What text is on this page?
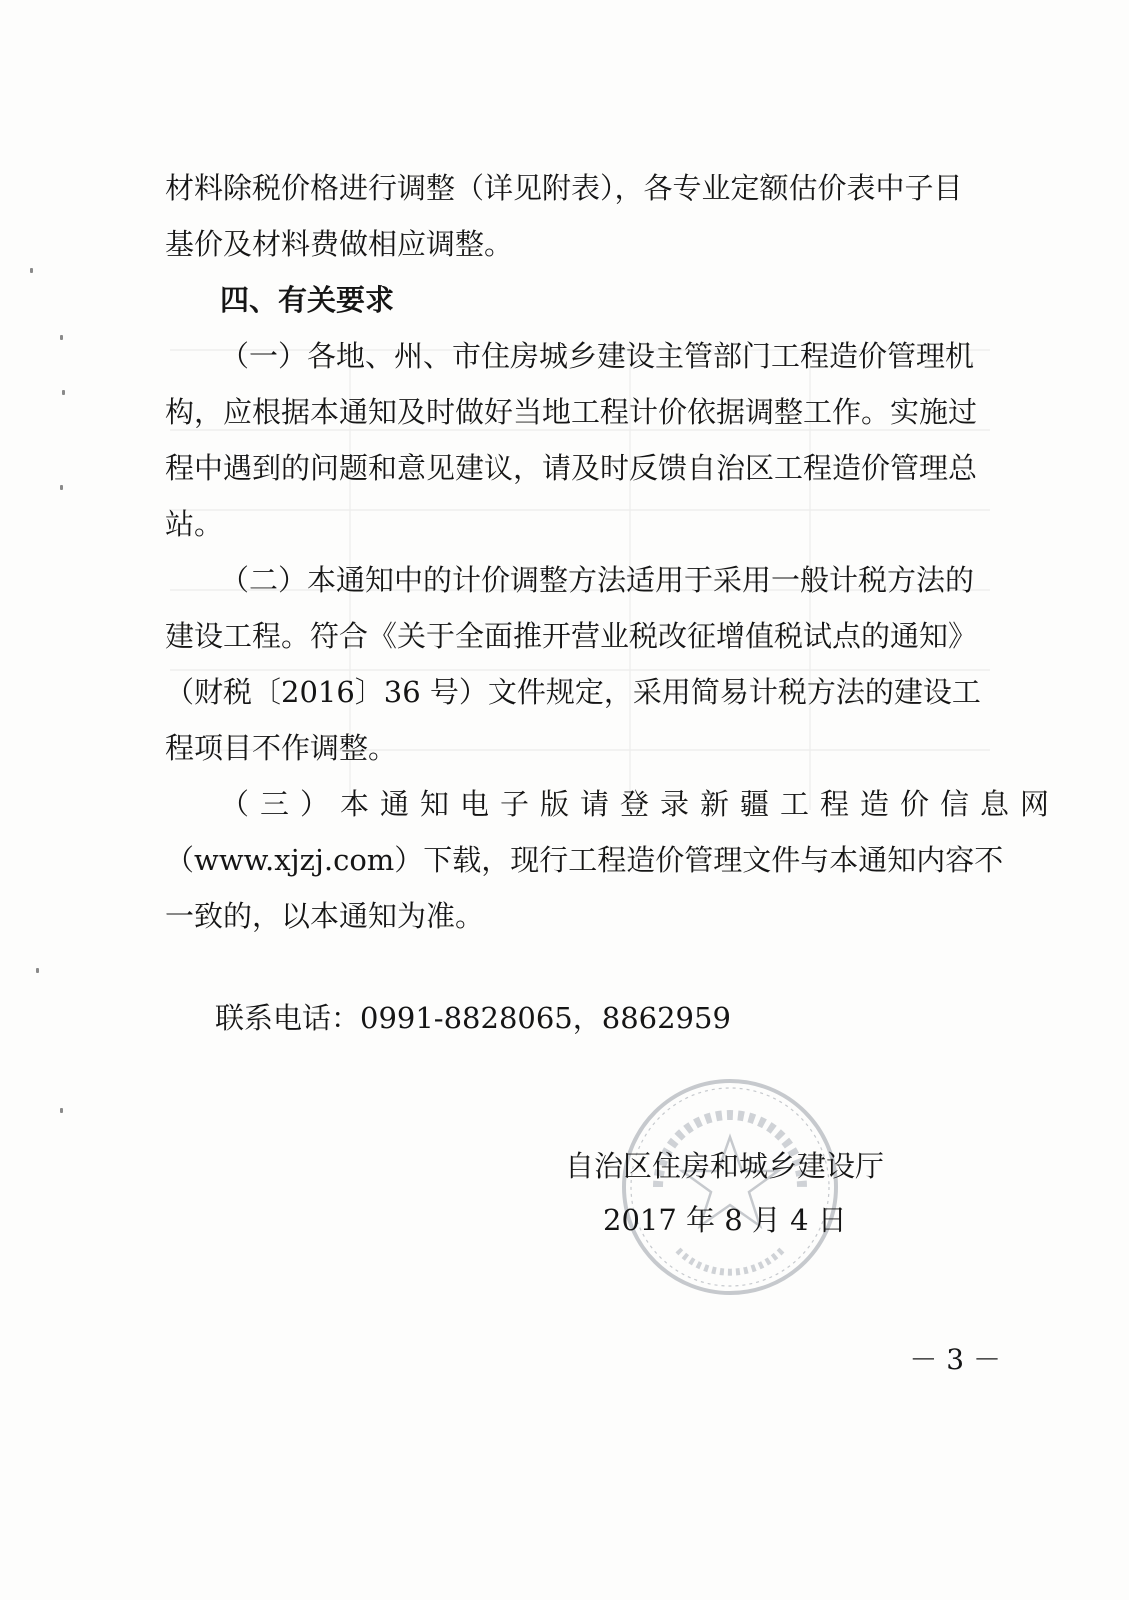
材料除税价格进行调整（详见附表），各专业定额估价表中子目
基价及材料费做相应调整。
四、有关要求
（一）各地、州、市住房城乡建设主管部门工程造价管理机
构，应根据本通知及时做好当地工程计价依据调整工作。实施过
程中遇到的问题和意见建议，请及时反馈自治区工程造价管理总
站。
（二）本通知中的计价调整方法适用于采用一般计税方法的
建设工程。符合《关于全面推开营业税改征增值税试点的通知》
（财税〔2016〕36 号）文件规定，采用简易计税方法的建设工
程项目不作调整。
（三）本通知电子版请登录新疆工程造价信息网
（www.xjzj.com）下载，现行工程造价管理文件与本通知内容不
一致的，以本通知为准。
联系电话：0991-8828065，8862959
自治区住房和城乡建设厅
2017 年 8 月 4 日
－ 3 －
